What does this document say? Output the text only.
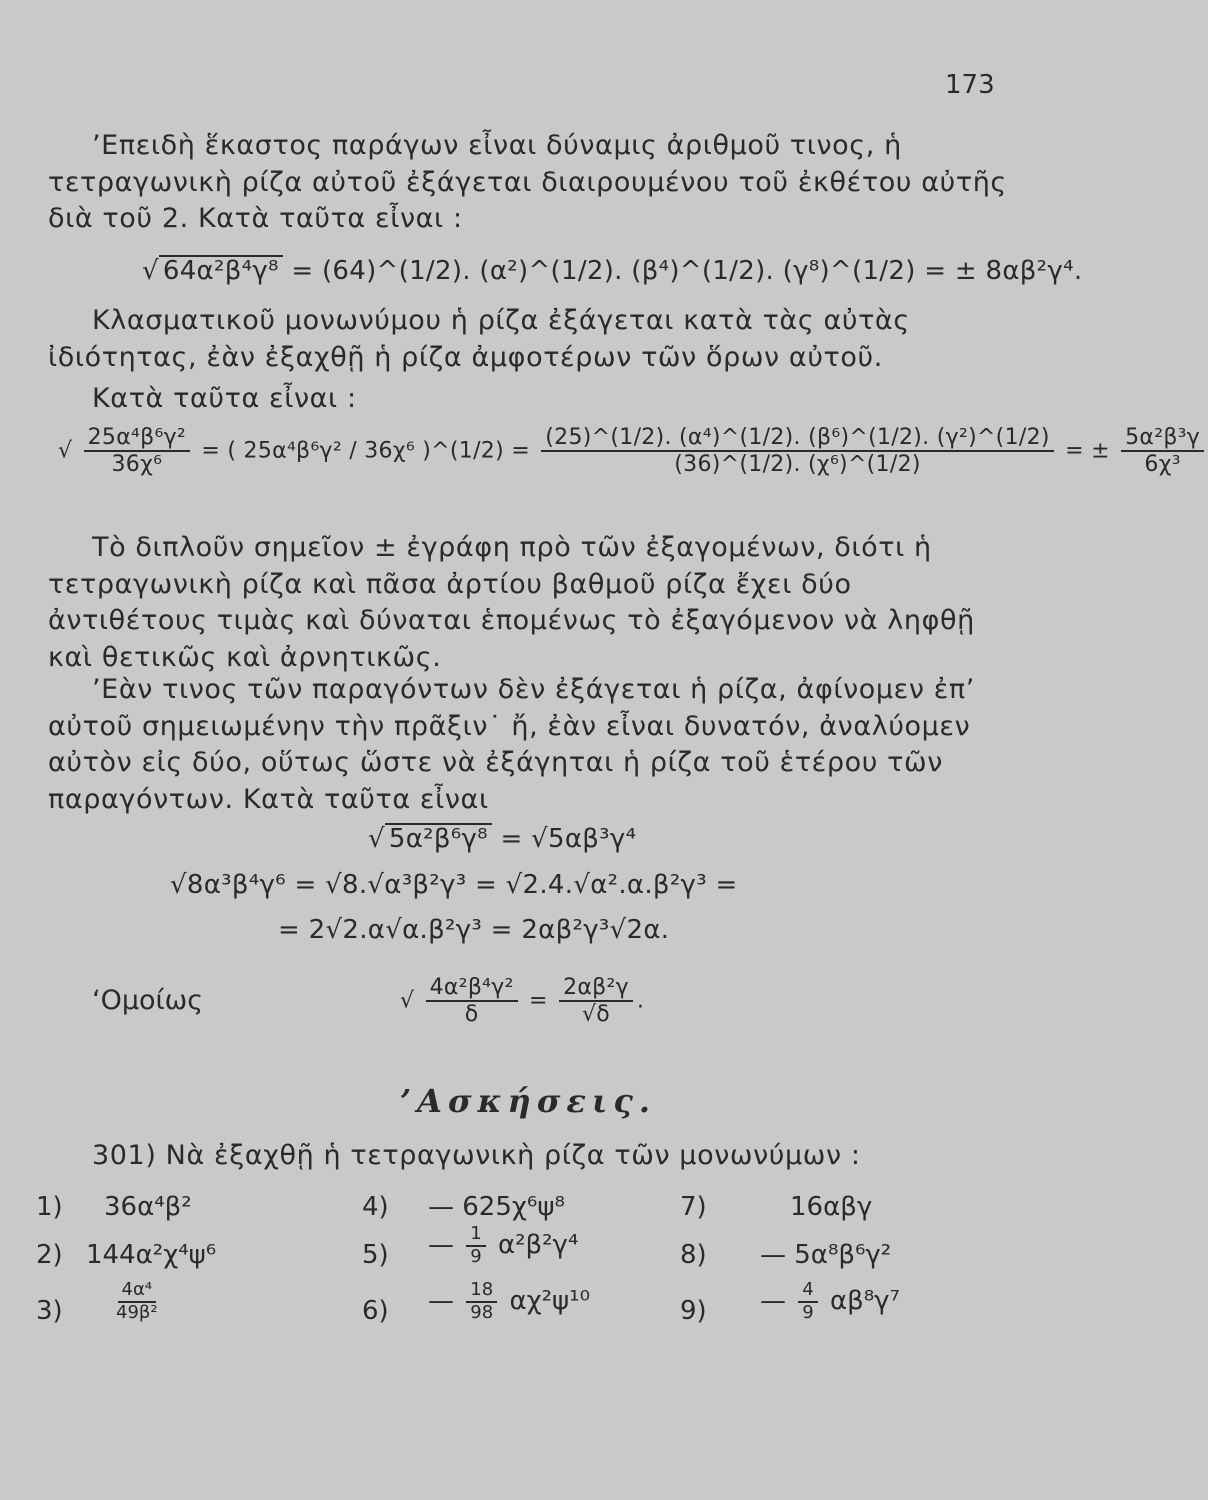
173
’Επειδὴ ἕκαστος παράγων εἶναι δύναμις ἀριθμοῦ τινος, ἡ τετραγωνικὴ ρίζα αὐτοῦ ἐξάγεται διαιρουμένου τοῦ ἐκθέτου αὐτῆς διὰ τοῦ 2. Κατὰ ταῦτα εἶναι :
√ 64α²β⁴γ⁸ = (64)^(1/2). (α²)^(1/2). (β⁴)^(1/2). (γ⁸)^(1/2) = ± 8αβ²γ⁴.
Κλασματικοῦ μονωνύμου ἡ ρίζα ἐξάγεται κατὰ τὰς αὐτὰς ἰδιότητας, ἐὰν ἐξαχθῇ ἡ ρίζα ἀμφοτέρων τῶν ὅρων αὐτοῦ.
Κατὰ ταῦτα εἶναι :
√ $\frac{\text{25α⁴β⁶γ²}}{\text{36χ⁶}}$ = ( 25α⁴β⁶γ² / 36χ⁶ )^(1/2) = $\frac{\text{(25)\textasciicircum{}(1/2). (α⁴)\textasciicircum{}(1/2). (β⁶)\textasciicircum{}(1/2). (γ²)\textasciicircum{}(1/2)}}{\text{(36)\textasciicircum{}(1/2). (χ⁶)\textasciicircum{}(1/2)}}$ = ± $\frac{\text{5α²β³γ}}{\text{6χ³}}$
Τὸ διπλοῦν σημεῖον ± ἐγράφη πρὸ τῶν ἐξαγομένων, διότι ἡ τετραγωνικὴ ρίζα καὶ πᾶσα ἀρτίου βαθμοῦ ρίζα ἔχει δύο ἀντιθέτους τιμὰς καὶ δύναται ἑπομένως τὸ ἐξαγόμενον νὰ ληφθῇ καὶ θετικῶς καὶ ἀρνητικῶς.
’Εὰν τινος τῶν παραγόντων δὲν ἐξάγεται ἡ ρίζα, ἀφίνομεν ἐπ’ αὐτοῦ σημειωμένην τὴν πρᾶξιν˙ ἤ, ἐὰν εἶναι δυνατόν, ἀναλύομεν αὐτὸν εἰς δύο, οὕτως ὥστε νὰ ἐξάγηται ἡ ρίζα τοῦ ἑτέρου τῶν παραγόντων. Κατὰ ταῦτα εἶναι
√ 5α²β⁶γ⁸ = √5αβ³γ⁴
√8α³β⁴γ⁶ = √8.√α³β²γ³ = √2.4.√α².α.β²γ³ =
= 2√2.α√α.β²γ³ = 2αβ²γ³√2α.
‘Ομοίως	√ $\frac{\text{4α²β⁴γ²}}{\delta} = \frac{\text{2αβ²γ}}{√\delta}$ .
’Ασκήσεις.
301) Νὰ ἐξαχθῇ ἡ τετραγωνικὴ ρίζα τῶν μονωνύμων :
1) 36α⁴β²
2) 144α²χ⁴ψ⁶
3)	$\frac{\text{4α⁴}}{\text{49β²}}$
4) — 625χ⁶ψ⁸
5) — $\frac{1}{9} \alpha^2\beta^2\gamma^4$
6) — $\frac{18}{98} \alpha\chi^2\psi^{10}$
7)	16αβγ
8) — 5α⁸β⁶γ²
9) — $\frac{4}{9} \alpha\beta^8\gamma^7$
